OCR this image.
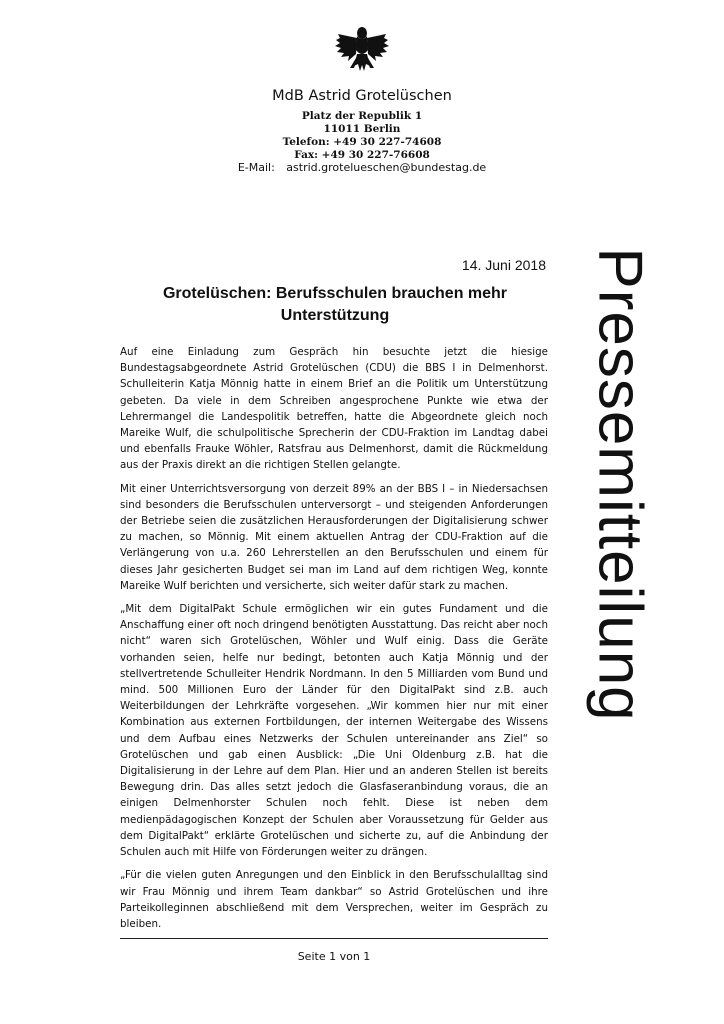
MdB Astrid Grotelüschen
Platz der Republik 1
11011 Berlin
Telefon: +49 30 227-74608
Fax: +49 30 227-76608
E-Mail: astrid.grotelueschen@bundestag.de
Pressemitteilung
14. Juni 2018
Grotelüschen: Berufsschulen brauchen mehr Unterstützung

Auf eine Einladung zum Gespräch hin besuchte jetzt die hiesige Bundestagsabgeordnete Astrid Grotelüschen (CDU) die BBS I in Delmenhorst. Schulleiterin Katja Mönnig hatte in einem Brief an die Politik um Unterstützung gebeten. Da viele in dem Schreiben angesprochene Punkte wie etwa der Lehrermangel die Landespolitik betreffen, hatte die Abgeordnete gleich noch Mareike Wulf, die schulpolitische Sprecherin der CDU-Fraktion im Landtag dabei und ebenfalls Frauke Wöhler, Ratsfrau aus Delmenhorst, damit die Rückmeldung aus der Praxis direkt an die richtigen Stellen gelangte.

Mit einer Unterrichtsversorgung von derzeit 89% an der BBS I – in Niedersachsen sind besonders die Berufsschulen unterversorgt – und steigenden Anforderungen der Betriebe seien die zusätzlichen Herausforderungen der Digitalisierung schwer zu machen, so Mönnig. Mit einem aktuellen Antrag der CDU-Fraktion auf die Verlängerung von u.a. 260 Lehrerstellen an den Berufsschulen und einem für dieses Jahr gesicherten Budget sei man im Land auf dem richtigen Weg, konnte Mareike Wulf berichten und versicherte, sich weiter dafür stark zu machen.

„Mit dem DigitalPakt Schule ermöglichen wir ein gutes Fundament und die Anschaffung einer oft noch dringend benötigten Ausstattung. Das reicht aber noch nicht“ waren sich Grotelüschen, Wöhler und Wulf einig. Dass die Geräte vorhanden seien, helfe nur bedingt, betonten auch Katja Mönnig und der stellvertretende Schulleiter Hendrik Nordmann. In den 5 Milliarden vom Bund und mind. 500 Millionen Euro der Länder für den DigitalPakt sind z.B. auch Weiterbildungen der Lehrkräfte vorgesehen. „Wir kommen hier nur mit einer Kombination aus externen Fortbildungen, der internen Weitergabe des Wissens und dem Aufbau eines Netzwerks der Schulen untereinander ans Ziel“ so Grotelüschen und gab einen Ausblick: „Die Uni Oldenburg z.B. hat die Digitalisierung in der Lehre auf dem Plan. Hier und an anderen Stellen ist bereits Bewegung drin. Das alles setzt jedoch die Glasfaseranbindung voraus, die an einigen Delmenhorster Schulen noch fehlt. Diese ist neben dem medienpädagogischen Konzept der Schulen aber Voraussetzung für Gelder aus dem DigitalPakt“ erklärte Grotelüschen und sicherte zu, auf die Anbindung der Schulen auch mit Hilfe von Förderungen weiter zu drängen.

„Für die vielen guten Anregungen und den Einblick in den Berufsschulalltag sind wir Frau Mönnig und ihrem Team dankbar“ so Astrid Grotelüschen und ihre Parteikolleginnen abschließend mit dem Versprechen, weiter im Gespräch zu bleiben.

Seite 1 von 1
